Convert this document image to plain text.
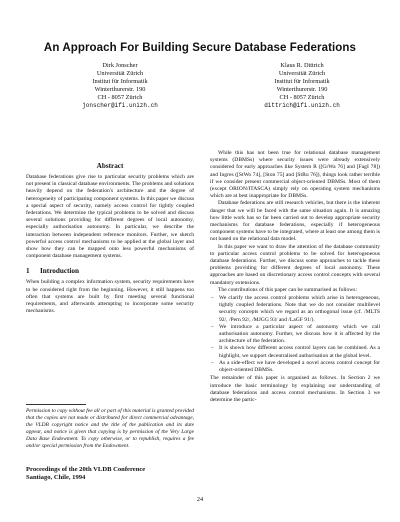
An Approach For Building Secure Database Federations
Dirk Jonscher
Universität Zürich
Institut für Informatik
Winterthurerstr. 190
CH - 8057 Zürich
jonscher@ifi.unizh.ch
Klaus R. Dittrich
Universität Zürich
Institut für Informatik
Winterthurerstr. 190
CH - 8057 Zürich
dittrich@ifi.unizh.ch
Abstract

Database federations give rise to particular security problems which are not present in classical database environments. The problems and solutions heavily depend on the federation's architecture and the degree of heterogeneity of participating component systems. In this paper we discuss a special aspect of security, namely access control for tightly coupled federations. We determine the typical problems to be solved and discuss several solutions providing for different degrees of local autonomy, especially authorisation autonomy. In particular, we describe the interaction between independent reference monitors. Further, we sketch powerful access control mechanisms to be applied at the global layer and show how they can be mapped onto less powerful mechanisms of component database management systems.

1 Introduction

When building a complex information system, security requirements have to be considered right from the beginning. However, it still happens too often that systems are built by first meeting several functional requirements, and afterwards attempting to incorporate some security mechanisms.

Permission to copy without fee all or part of this material is granted provided that the copies are not made or distributed for direct commercial advantage, the VLDB copyright notice and the title of the publication and its date appear, and notice is given that copying is by permission of the Very Large Data Base Endowment. To copy otherwise, or to republish, requires a fee and/or special permission from the Endowment.

Proceedings of the 20th VLDB Conference
Santiago, Chile, 1994

While this has not been true for relational database management systems (DBMSs) where security issues were already extensively considered for early approaches like System R ([GrWa 76] and [FagI 78]) and Ingres ([StWo 74], [Ston 75] and [StRu 76]), things look rather terrible if we consider present commercial object-oriented DBMSs. Most of them (except ORION/ITASCA) simply rely on operating system mechanisms which are at best inappropriate for DBMSs.

Database federations are still research vehicles, but there is the inherent danger that we will be faced with the same situation again. It is amazing how little work has so far been carried out to develop appropriate security mechanisms for database federations, especially if heterogeneous component systems have to be integrated, where at least one among them is not based on the relational data model.

In this paper we want to draw the attention of the database community to particular access control problems to be solved for heterogeneous database federations. Further, we discuss some approaches to tackle these problems providing for different degrees of local autonomy. These approaches are based on discretionary access control concepts with several mandatory extensions.

The contributions of this paper can be summarised as follows:

– We clarify the access control problems which arise in heterogeneous, tightly coupled federations. Note that we do not consider multilevel security concepts which we regard as an orthogonal issue (cf. /MLTS 92/, /Pern 92/, /MJGG 93/ and /LaGF 91/).
– We introduce a particular aspect of autonomy which we call authorisation autonomy. Further, we discuss how it is affected by the architecture of the federation.
– It is shown how different access control layers can be combined. As a highlight, we support decentralised authorisation at the global level.
– As a side-effect we have developed a novel access control concept for object-oriented DBMSs.

The remainder of this paper is organised as follows. In Section 2 we introduce the basic terminology by explaining our understanding of database federations and access control mechanisms. In Section 3 we determine the partic-

24
